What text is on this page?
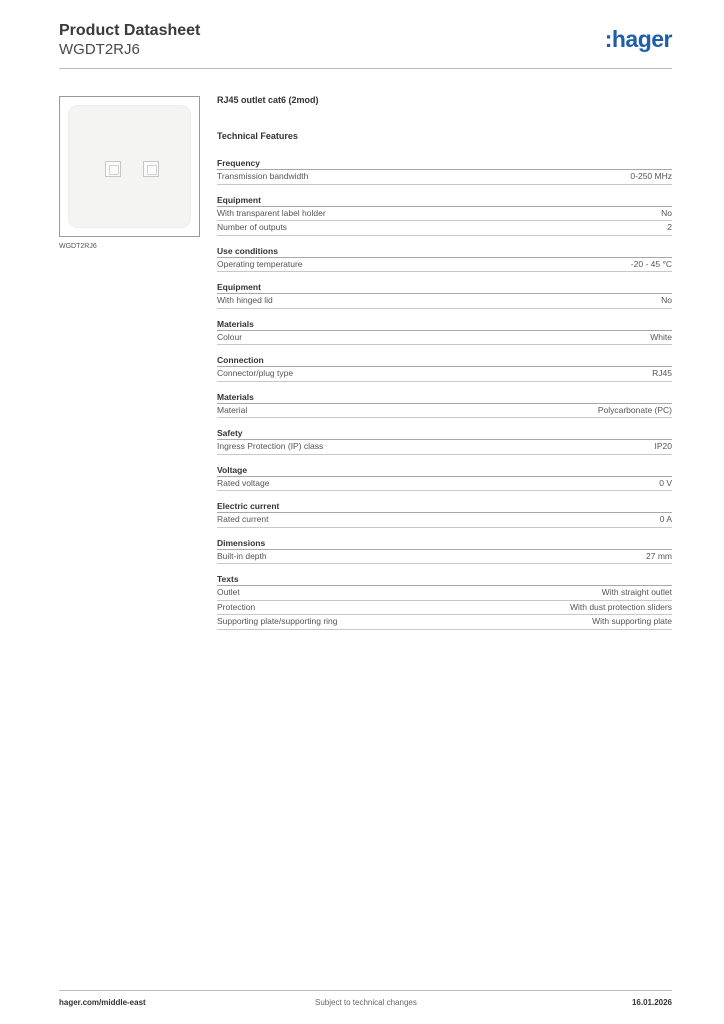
Product Datasheet
WGDT2RJ6	:hager
WGDT2RJ6
RJ45 outlet cat6 (2mod)
Technical Features
Frequency
Transmission bandwidth	0-250 MHz
Equipment
With transparent label holder	No
Number of outputs	2
Use conditions
Operating temperature	-20 - 45 °C
Equipment
With hinged lid	No
Materials
Colour	White
Connection
Connector/plug type	RJ45
Materials
Material	Polycarbonate (PC)
Safety
Ingress Protection (IP) class	IP20
Voltage
Rated voltage	0 V
Electric current
Rated current	0 A
Dimensions
Built-in depth	27 mm
Texts
Outlet	With straight outlet
Protection	With dust protection sliders
Supporting plate/supporting ring	With supporting plate
hager.com/middle-east	Subject to technical changes	16.01.2026
